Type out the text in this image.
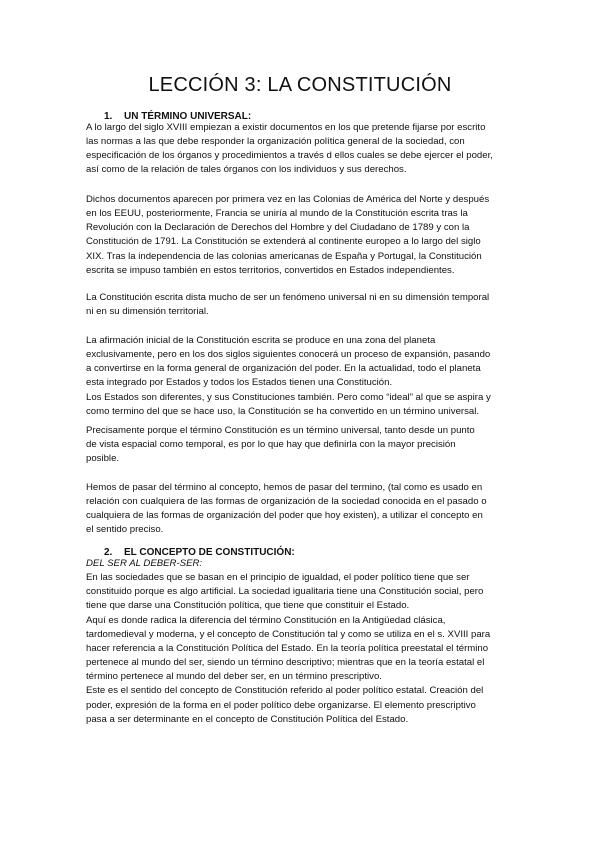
LECCIÓN 3: LA CONSTITUCIÓN
1. UN TÉRMINO UNIVERSAL:

A lo largo del siglo XVIII empiezan a existir documentos en los que pretende fijarse por escrito

las normas a las que debe responder la organización política general de la sociedad, con

especificación de los órganos y procedimientos a través d ellos cuales se debe ejercer el poder,

así como de la relación de tales órganos con los individuos y sus derechos.

Dichos documentos aparecen por primera vez en las Colonias de América del Norte y después

en los EEUU, posteriormente, Francia se uniría al mundo de la Constitución escrita tras la

Revolución con la Declaración de Derechos del Hombre y del Ciudadano de 1789 y con la

Constitución de 1791. La Constitución se extenderá al continente europeo a lo largo del siglo

XIX. Tras la independencia de las colonias americanas de España y Portugal, la Constitución

escrita se impuso también en estos territorios, convertidos en Estados independientes.

La Constitución escrita dista mucho de ser un fenómeno universal ni en su dimensión temporal

ni en su dimensión territorial.

La afirmación inicial de la Constitución escrita se produce en una zona del planeta

exclusivamente, pero en los dos siglos siguientes conocerá un proceso de expansión, pasando

a convertirse en la forma general de organización del poder. En la actualidad, todo el planeta

esta integrado por Estados y todos los Estados tienen una Constitución.

Los Estados son diferentes, y sus Constituciones también. Pero como “ideal” al que se aspira y

como termino del que se hace uso, la Constitución se ha convertido en un término universal.

Precisamente porque el término Constitución es un término universal, tanto desde un punto

de vista espacial como temporal, es por lo que hay que definirla con la mayor precisión

posible.

Hemos de pasar del término al concepto, hemos de pasar del termino, (tal como es usado en

relación con cualquiera de las formas de organización de la sociedad conocida en el pasado o

cualquiera de las formas de organización del poder que hoy existen), a utilizar el concepto en

el sentido preciso.

2. EL CONCEPTO DE CONSTITUCIÓN:

DEL SER AL DEBER-SER:

En las sociedades que se basan en el principio de igualdad, el poder político tiene que ser

constituido porque es algo artificial. La sociedad igualitaria tiene una Constitución social, pero

tiene que darse una Constitución política, que tiene que constituir el Estado.

Aquí es donde radica la diferencia del término Constitución en la Antigüedad clásica,

tardomedieval y moderna, y el concepto de Constitución tal y como se utiliza en el s. XVIII para

hacer referencia a la Constitución Política del Estado. En la teoría política preestatal el término

pertenece al mundo del ser, siendo un término descriptivo; mientras que en la teoría estatal el

término pertenece al mundo del deber ser, en un término prescriptivo.

Este es el sentido del concepto de Constitución referido al poder político estatal. Creación del

poder, expresión de la forma en el poder político debe organizarse. El elemento prescriptivo

pasa a ser determinante en el concepto de Constitución Política del Estado.
